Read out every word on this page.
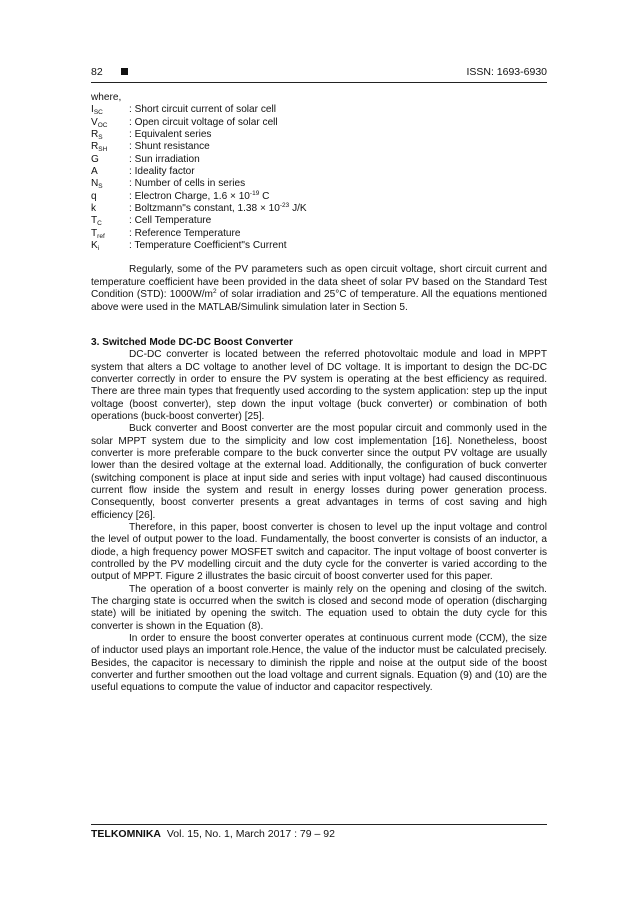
82	ISSN: 1693-6930
where,
$I_{SC}$	: Short circuit current of solar cell
$V_{OC}$	: Open circuit voltage of solar cell
$R_S$	: Equivalent series
$R_{SH}$	: Shunt resistance
G	: Sun irradiation
A	: Ideality factor
$N_S$	: Number of cells in series
q	: Electron Charge, $1.6 \times 10^{-19}$ C
k	: Boltzmann"s constant, $1.38 \times 10^{-23}$ J/K
$T_C$	: Cell Temperature
$T_{ref}$	: Reference Temperature
$K_i$	: Temperature Coefficient"s Current

Regularly, some of the PV parameters such as open circuit voltage, short circuit current and temperature coefficient have been provided in the data sheet of solar PV based on the Standard Test Condition (STD): $1000W/m^2$ of solar irradiation and 25°C of temperature. All the equations mentioned above were used in the MATLAB/Simulink simulation later in Section 5.

3. Switched Mode DC-DC Boost Converter

DC-DC converter is located between the referred photovoltaic module and load in MPPT system that alters a DC voltage to another level of DC voltage. It is important to design the DC-DC converter correctly in order to ensure the PV system is operating at the best efficiency as required. There are three main types that frequently used according to the system application: step up the input voltage (boost converter), step down the input voltage (buck converter) or combination of both operations (buck-boost converter) [25].

Buck converter and Boost converter are the most popular circuit and commonly used in the solar MPPT system due to the simplicity and low cost implementation [16]. Nonetheless, boost converter is more preferable compare to the buck converter since the output PV voltage are usually lower than the desired voltage at the external load. Additionally, the configuration of buck converter (switching component is place at input side and series with input voltage) had caused discontinuous current flow inside the system and result in energy losses during power generation process. Consequently, boost converter presents a great advantages in terms of cost saving and high efficiency [26].

Therefore, in this paper, boost converter is chosen to level up the input voltage and control the level of output power to the load. Fundamentally, the boost converter is consists of an inductor, a diode, a high frequency power MOSFET switch and capacitor. The input voltage of boost converter is controlled by the PV modelling circuit and the duty cycle for the converter is varied according to the output of MPPT. Figure 2 illustrates the basic circuit of boost converter used for this paper.

The operation of a boost converter is mainly rely on the opening and closing of the switch. The charging state is occurred when the switch is closed and second mode of operation (discharging state) will be initiated by opening the switch. The equation used to obtain the duty cycle for this converter is shown in the Equation (8).

In order to ensure the boost converter operates at continuous current mode (CCM), the size of inductor used plays an important role.Hence, the value of the inductor must be calculated precisely. Besides, the capacitor is necessary to diminish the ripple and noise at the output side of the boost converter and further smoothen out the load voltage and current signals. Equation (9) and (10) are the useful equations to compute the value of inductor and capacitor respectively.

TELKOMNIKA Vol. 15, No. 1, March 2017 : 79 – 92
